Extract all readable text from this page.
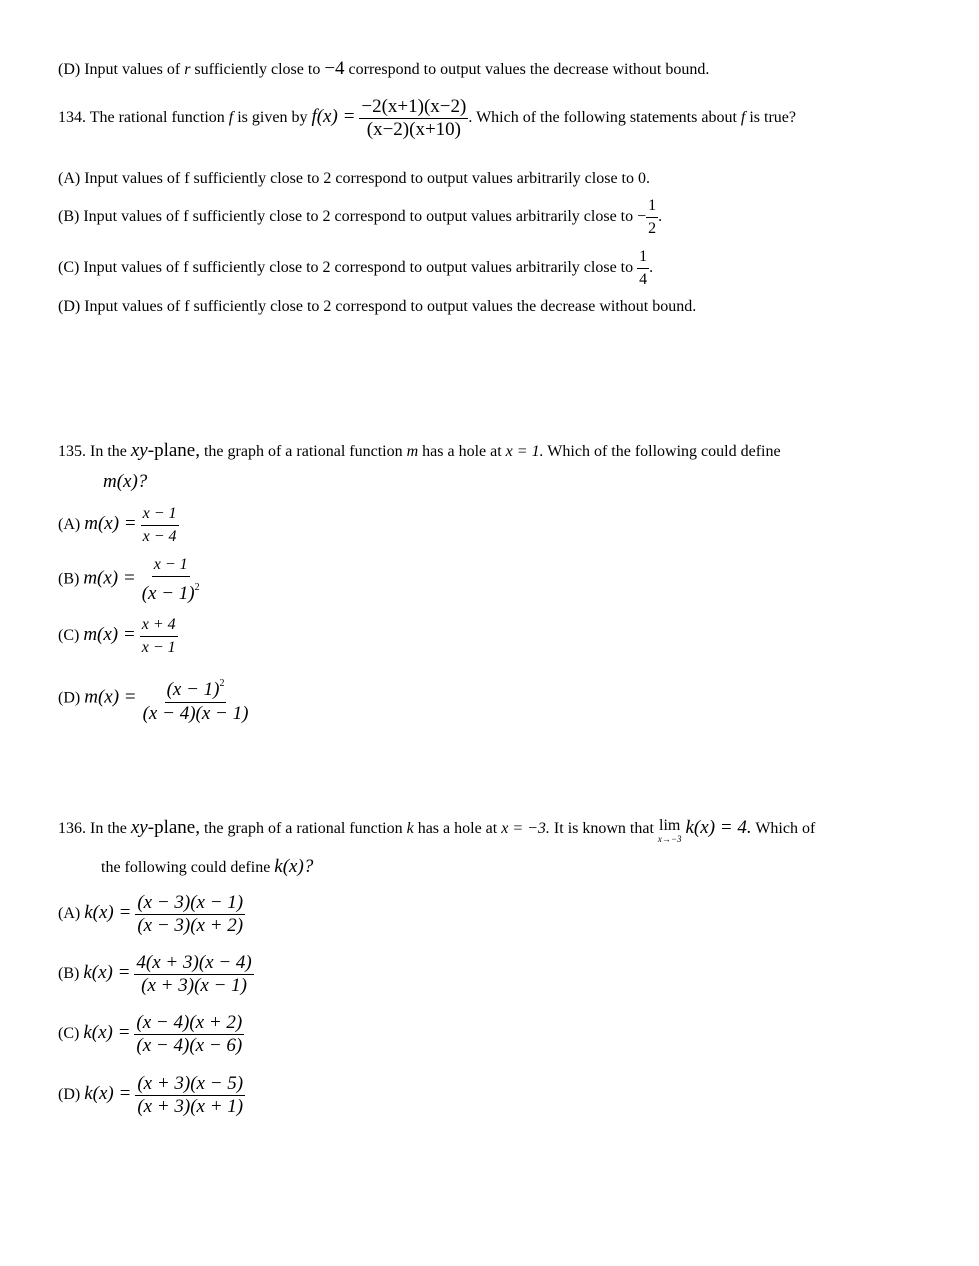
(D) Input values of r sufficiently close to −4 correspond to output values the decrease without bound.
134. The rational function f is given by $f(x) = \frac{-2(x+1)(x-2)}{(x-2)(x+10)}$ . Which of the following statements about f is true?
(A) Input values of f sufficiently close to 2 correspond to output values arbitrarily close to 0.
(B) Input values of f sufficiently close to 2 correspond to output values arbitrarily close to − $\frac{1}{2}$ .
(C) Input values of f sufficiently close to 2 correspond to output values arbitrarily close to $\frac{1}{4}$ .
(D) Input values of f sufficiently close to 2 correspond to output values the decrease without bound.
135. In the xy-plane, the graph of a rational function m has a hole at x = 1. Which of the following could define
m(x)?
(A) $m(x) = \frac{x - 1}{x - 4}$
(B) $m(x) = \frac{x - 1}{(x - 1)^2}$
(C) $m(x) = \frac{x + 4}{x - 1}$
(D) $m(x) = \frac{(x - 1)^2}{(x - 4)(x - 1)}$
136. In the xy-plane, the graph of a rational function k has a hole at x = −3. It is known that lim
x→−3
k(x) = 4. Which of
the following could define k(x)?
(A) $k(x) = \frac{(x - 3)(x - 1)}{(x - 3)(x + 2)}$
(B) $k(x) = \frac{4(x + 3)(x - 4)}{(x + 3)(x - 1)}$
(C) $k(x) = \frac{(x - 4)(x + 2)}{(x - 4)(x - 6)}$
(D) $k(x) = \frac{(x + 3)(x - 5)}{(x + 3)(x + 1)}$
